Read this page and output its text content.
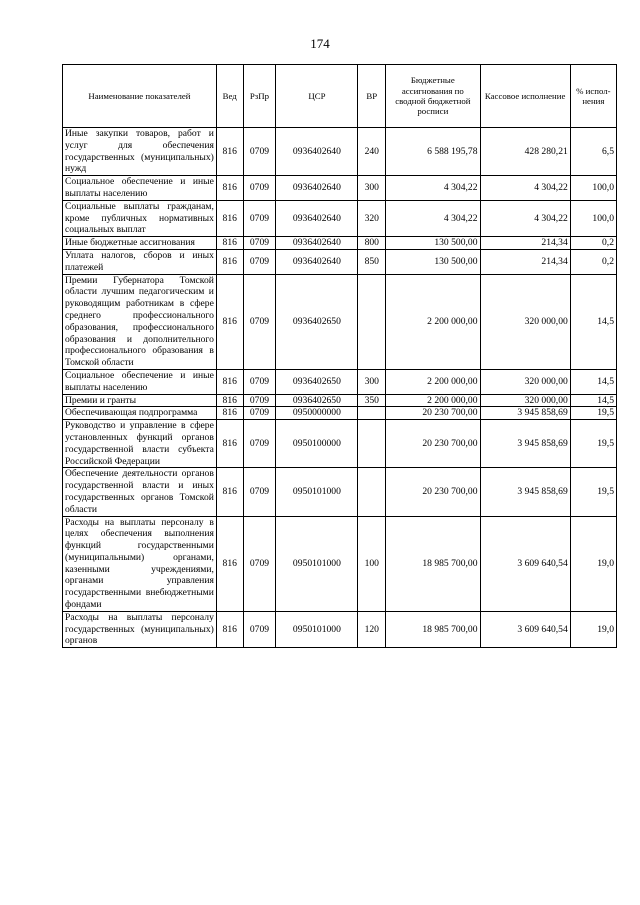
174
Наименование показателей	Вед	РзПр	ЦСР	ВР	Бюджетные ассигнования по сводной бюджетной росписи	Кассовое исполнение	% испол-нения
Иные закупки товаров, работ и услуг для обеспечения государственных (муниципальных) нужд	816	0709	0936402640	240	6 588 195,78	428 280,21	6,5
Социальное обеспечение и иные выплаты населению	816	0709	0936402640	300	4 304,22	4 304,22	100,0
Социальные выплаты гражданам, кроме публичных нормативных социальных выплат	816	0709	0936402640	320	4 304,22	4 304,22	100,0
Иные бюджетные ассигнования	816	0709	0936402640	800	130 500,00	214,34	0,2
Уплата налогов, сборов и иных платежей	816	0709	0936402640	850	130 500,00	214,34	0,2
Премии Губернатора Томской области лучшим педагогическим и руководящим работникам в сфере среднего профессионального образования, профессионального образования и дополнительного профессионального образования в Томской области	816	0709	0936402650		2 200 000,00	320 000,00	14,5
Социальное обеспечение и иные выплаты населению	816	0709	0936402650	300	2 200 000,00	320 000,00	14,5
Премии и гранты	816	0709	0936402650	350	2 200 000,00	320 000,00	14,5
Обеспечивающая подпрограмма	816	0709	0950000000		20 230 700,00	3 945 858,69	19,5
Руководство и управление в сфере установленных функций органов государственной власти субъекта Российской Федерации	816	0709	0950100000		20 230 700,00	3 945 858,69	19,5
Обеспечение деятельности органов государственной власти и иных государственных органов Томской области	816	0709	0950101000		20 230 700,00	3 945 858,69	19,5
Расходы на выплаты персоналу в целях обеспечения выполнения функций государственными (муниципальными) органами, казенными учреждениями, органами управления государственными внебюджетными фондами	816	0709	0950101000	100	18 985 700,00	3 609 640,54	19,0
Расходы на выплаты персоналу государственных (муниципальных) органов	816	0709	0950101000	120	18 985 700,00	3 609 640,54	19,0
